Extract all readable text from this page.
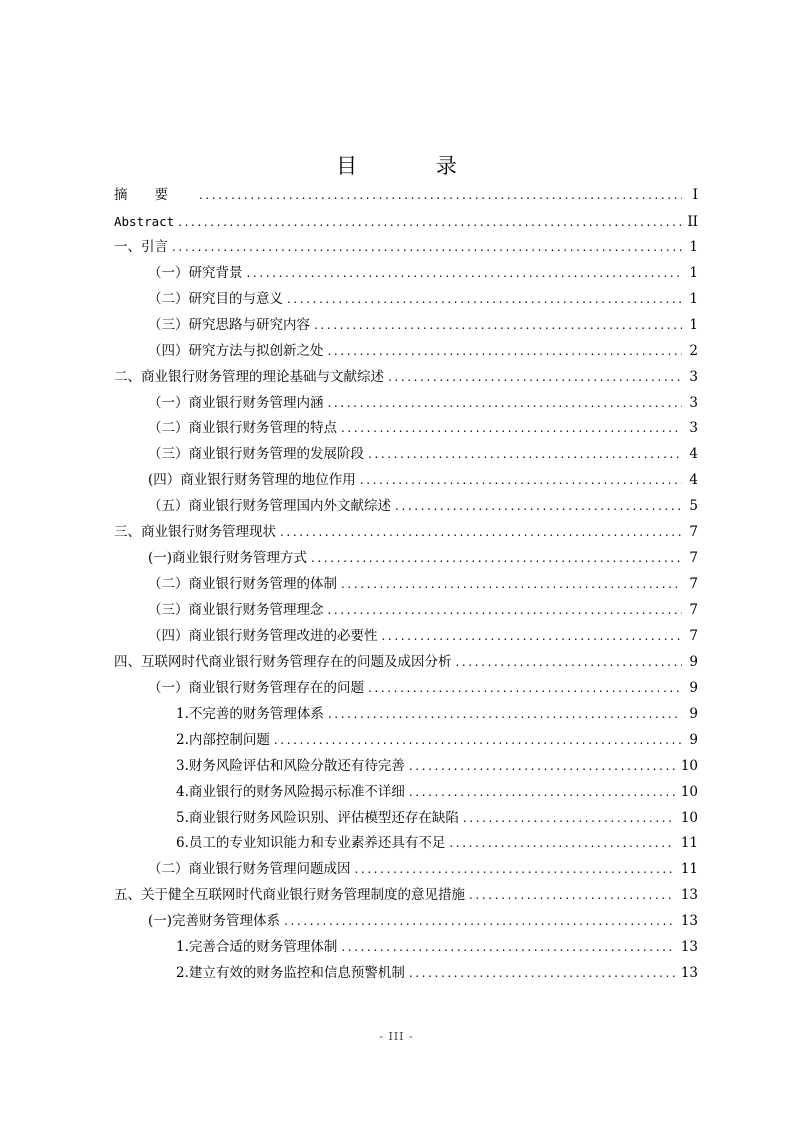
目 录
摘要 .....	I
Abstract .....	II
一、引言 .....	1
（一）研究背景 .....	1
（二）研究目的与意义 .....	1
（三）研究思路与研究内容 .....	1
（四）研究方法与拟创新之处 .....	2
二、商业银行财务管理的理论基础与文献综述 .....	3
（一）商业银行财务管理内涵 .....	3
（二）商业银行财务管理的特点 .....	3
（三）商业银行财务管理的发展阶段 .....	4
(四）商业银行财务管理的地位作用 .....	4
（五）商业银行财务管理国内外文献综述 .....	5
三、商业银行财务管理现状 .....	7
(一)商业银行财务管理方式 .....	7
（二）商业银行财务管理的体制 .....	7
（三）商业银行财务管理理念 .....	7
（四）商业银行财务管理改进的必要性 .....	7
四、互联网时代商业银行财务管理存在的问题及成因分析 .....	9
（一）商业银行财务管理存在的问题 .....	9
1.不完善的财务管理体系 .....	9
2.内部控制问题 .....	9
3.财务风险评估和风险分散还有待完善 .....	10
4.商业银行的财务风险揭示标准不详细 .....	10
5.商业银行财务风险识别、评估模型还存在缺陷 .....	10
6.员工的专业知识能力和专业素养还具有不足 .....	11
（二）商业银行财务管理问题成因 .....	11
五、关于健全互联网时代商业银行财务管理制度的意见措施 .....	13
(一)完善财务管理体系 .....	13
1.完善合适的财务管理体制 .....	13
2.建立有效的财务监控和信息预警机制 .....	13
- III -
